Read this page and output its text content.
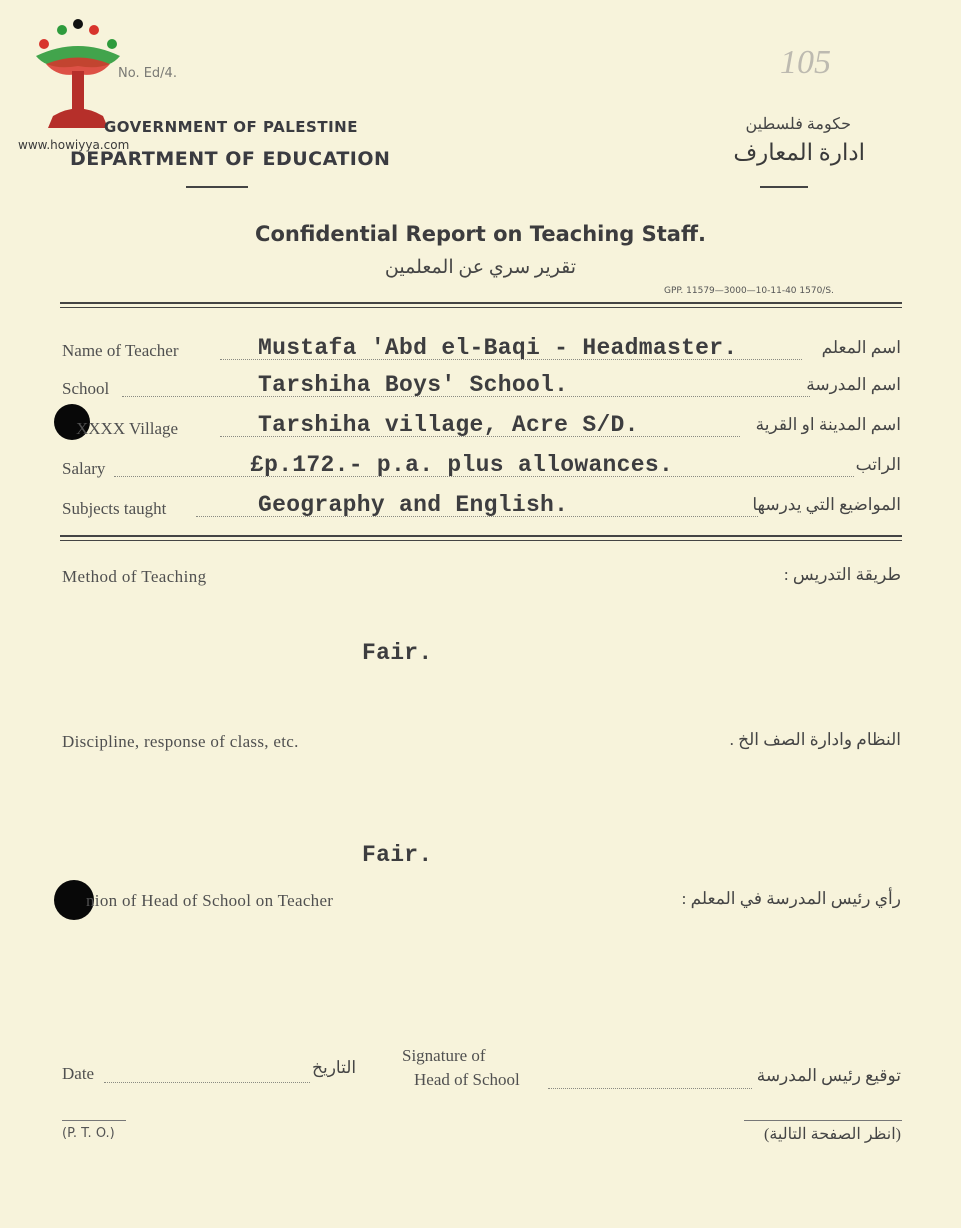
www.howiyya.com
No. Ed/4.	105
GOVERNMENT OF PALESTINE
DEPARTMENT OF EDUCATION
حكومة فلسطين
ادارة المعارف
Confidential Report on Teaching Staff.
تقرير سري عن المعلمين
GPP. 11579—3000—10-11-40 1570/S.
Name of Teacher	Mustafa 'Abd el-Baqi - Headmaster.	اسم المعلم
School	Tarshiha Boys' School.	اسم المدرسة
XXXX Village	Tarshiha village, Acre S/D.	اسم المدينة او القرية
Salary	£p.172.- p.a. plus allowances.	الراتب
Subjects taught	Geography and English.	المواضيع التي يدرسها
Method of Teaching	طريقة التدريس :
Fair.
Discipline, response of class, etc.	النظام وادارة الصف الخ .
Fair.
nion of Head of School on Teacher	رأي رئيس المدرسة في المعلم :
Date	التاريخ
Signature of
Head of School	توقيع رئيس المدرسة
(P. T. O.)	(انظر الصفحة التالية)
